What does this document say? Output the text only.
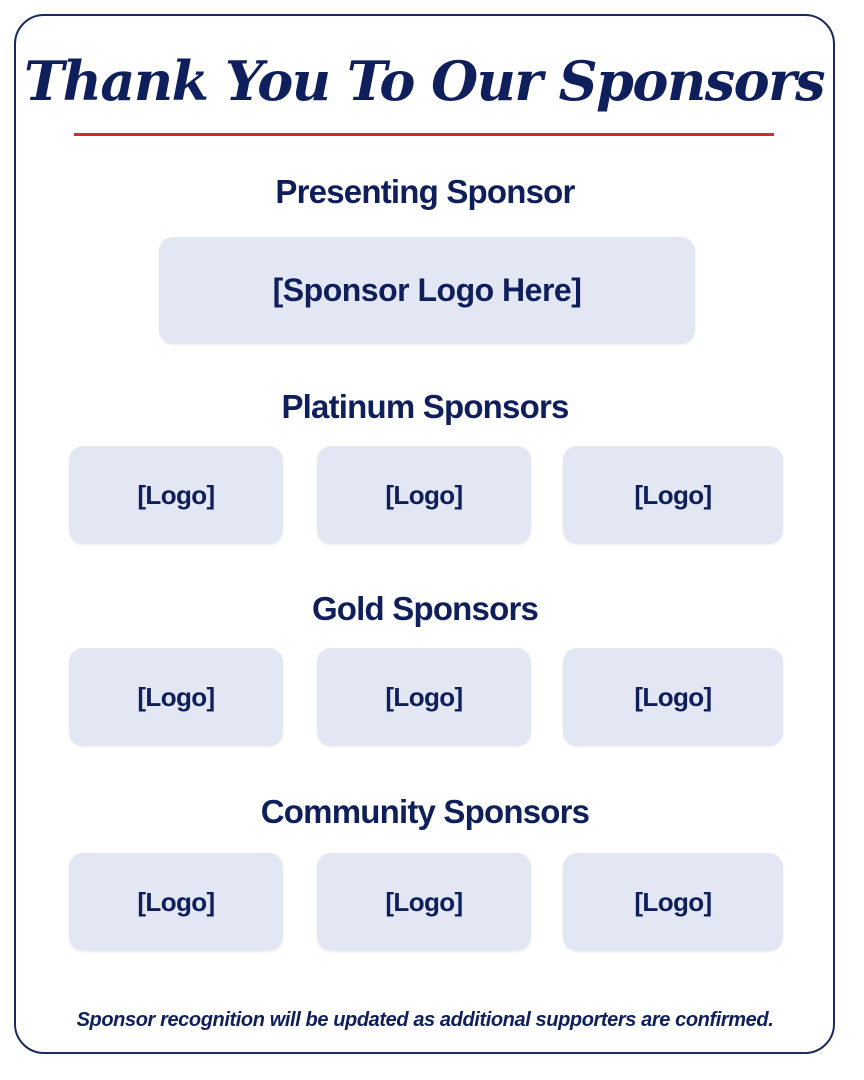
Thank You To Our Sponsors
Presenting Sponsor
[Sponsor Logo Here]
Platinum Sponsors
[Logo]	[Logo]	[Logo]
Gold Sponsors
[Logo]	[Logo]	[Logo]
Community Sponsors
[Logo]	[Logo]	[Logo]

Sponsor recognition will be updated as additional supporters are confirmed.
